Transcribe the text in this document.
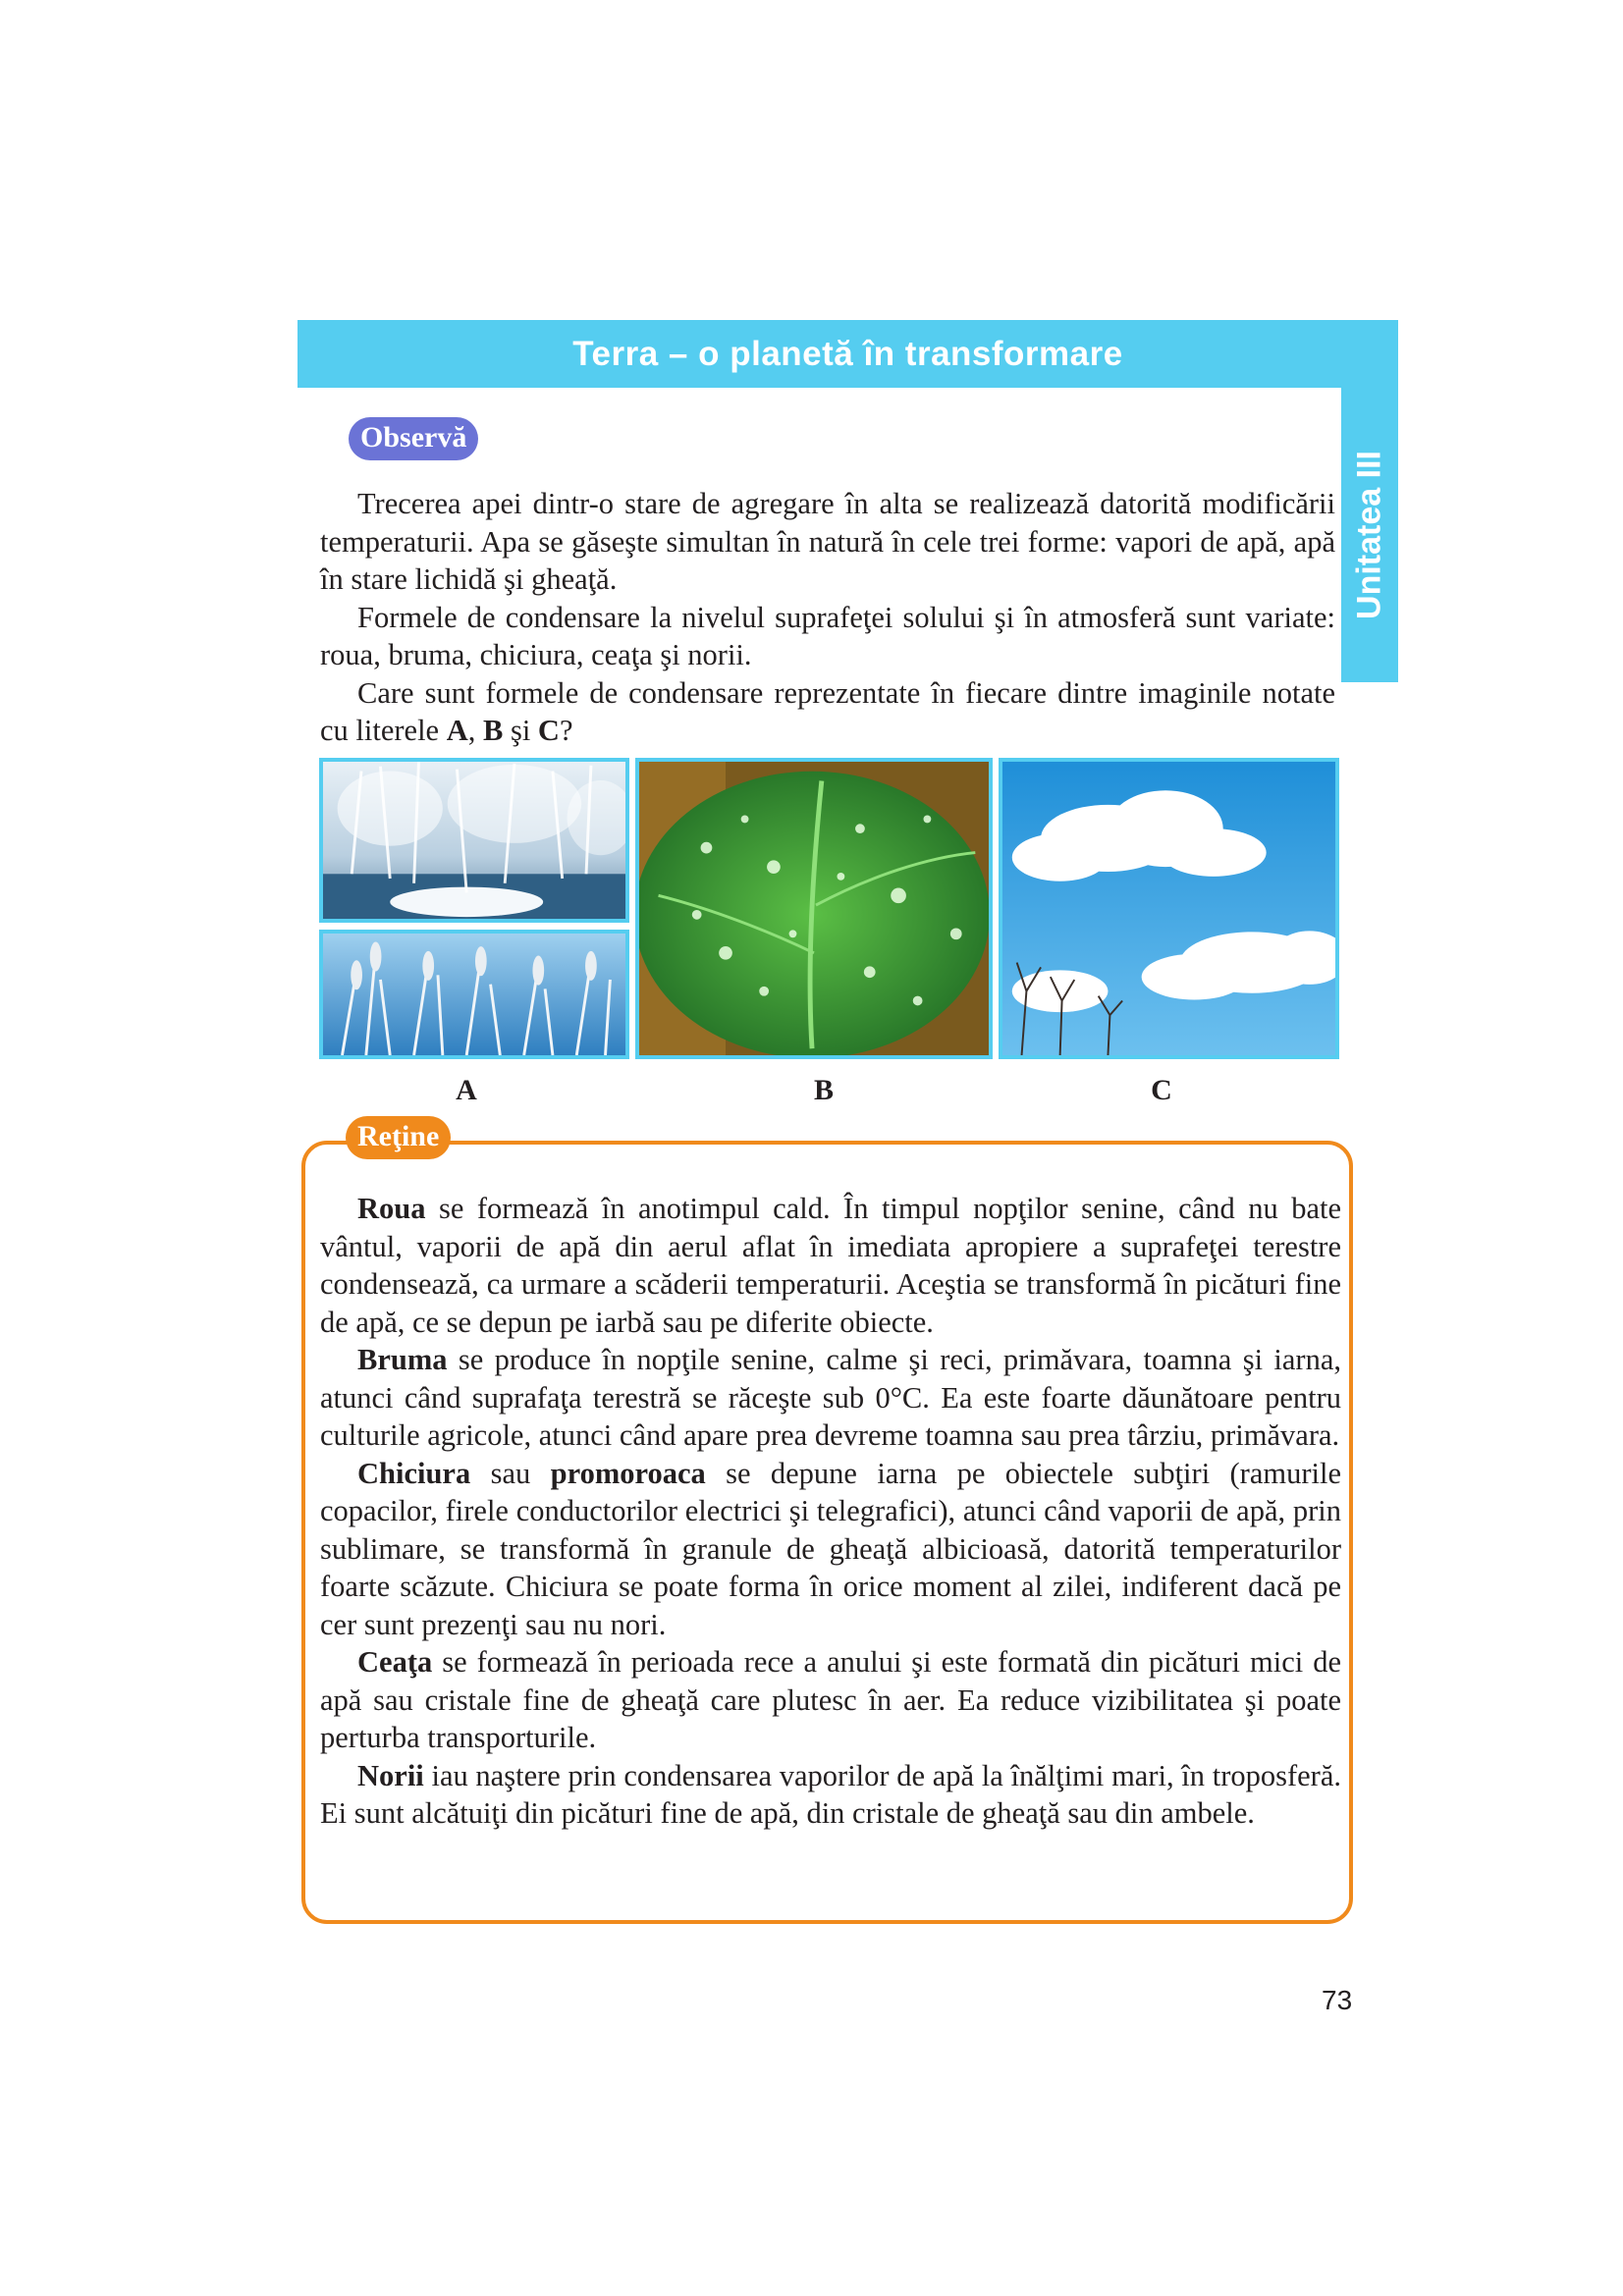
Terra – o planetă în transformare
Unitatea III
Observă

Trecerea apei dintr-o stare de agregare în alta se realizează datorită modificării temperaturii. Apa se găseşte simultan în natură în cele trei forme: vapori de apă, apă în stare lichidă şi gheaţă.

Formele de condensare la nivelul suprafeţei solului şi în atmosferă sunt variate: roua, bruma, chiciura, ceaţa şi norii.

Care sunt formele de condensare reprezentate în fiecare dintre imaginile notate cu literele A, B şi C?

A	B	C
Reţine

Roua se formează în anotimpul cald. În timpul nopţilor senine, când nu bate vântul, vaporii de apă din aerul aflat în imediata apropiere a suprafeţei terestre condensează, ca urmare a scăderii temperaturii. Aceştia se transformă în picături fine de apă, ce se depun pe iarbă sau pe diferite obiecte.

Bruma se produce în nopţile senine, calme şi reci, primăvara, toamna şi iarna, atunci când suprafaţa terestră se răceşte sub 0°C. Ea este foarte dăunătoare pentru culturile agricole, atunci când apare prea devreme toamna sau prea târziu, primăvara.

Chiciura sau promoroaca se depune iarna pe obiectele subţiri (ramurile copacilor, firele conductorilor electrici şi telegrafici), atunci când vaporii de apă, prin sublimare, se transformă în granule de gheaţă albicioasă, datorită temperaturilor foarte scăzute. Chiciura se poate forma în orice moment al zilei, indiferent dacă pe cer sunt prezenţi sau nu nori.

Ceaţa se formează în perioada rece a anului şi este formată din picături mici de apă sau cristale fine de gheaţă care plutesc în aer. Ea reduce vizibilitatea şi poate perturba transporturile.

Norii iau naştere prin condensarea vaporilor de apă la înălţimi mari, în troposferă. Ei sunt alcătuiţi din picături fine de apă, din cristale de gheaţă sau din ambele.

73
